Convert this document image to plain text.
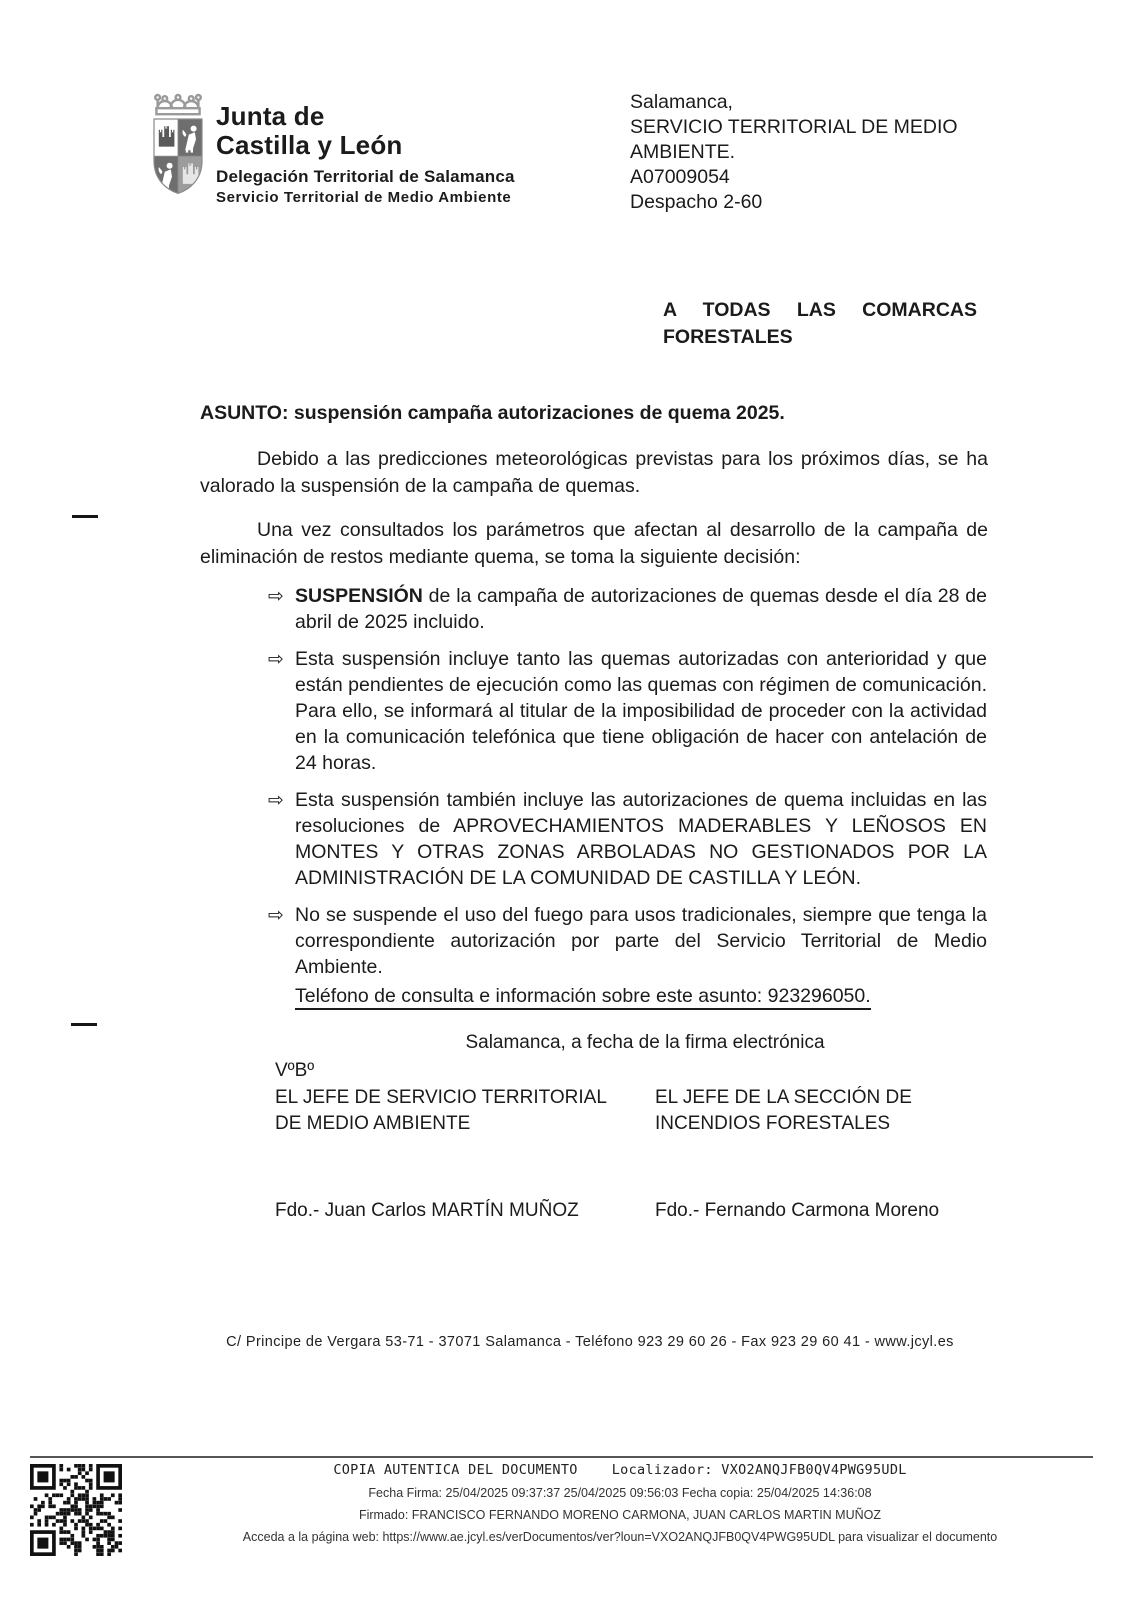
Junta de
Castilla y León
Delegación Territorial de Salamanca
Servicio Territorial de Medio Ambiente
Salamanca,
SERVICIO TERRITORIAL DE MEDIO AMBIENTE.
A07009054
Despacho 2-60
A TODAS LAS COMARCAS FORESTALES
ASUNTO: suspensión campaña autorizaciones de quema 2025.
Debido a las predicciones meteorológicas previstas para los próximos días, se ha valorado la suspensión de la campaña de quemas.
Una vez consultados los parámetros que afectan al desarrollo de la campaña de eliminación de restos mediante quema, se toma la siguiente decisión:
⇨ SUSPENSIÓN de la campaña de autorizaciones de quemas desde el día 28 de abril de 2025 incluido.
⇨ Esta suspensión incluye tanto las quemas autorizadas con anterioridad y que están pendientes de ejecución como las quemas con régimen de comunicación. Para ello, se informará al titular de la imposibilidad de proceder con la actividad en la comunicación telefónica que tiene obligación de hacer con antelación de 24 horas.
⇨ Esta suspensión también incluye las autorizaciones de quema incluidas en las resoluciones de APROVECHAMIENTOS MADERABLES Y LEÑOSOS EN MONTES Y OTRAS ZONAS ARBOLADAS NO GESTIONADOS POR LA ADMINISTRACIÓN DE LA COMUNIDAD DE CASTILLA Y LEÓN.
⇨ No se suspende el uso del fuego para usos tradicionales, siempre que tenga la correspondiente autorización por parte del Servicio Territorial de Medio Ambiente.
Teléfono de consulta e información sobre este asunto: 923296050.
Salamanca, a fecha de la firma electrónica
VºBº
EL JEFE DE SERVICIO TERRITORIAL DE MEDIO AMBIENTE
EL JEFE DE LA SECCIÓN DE INCENDIOS FORESTALES
Fdo.- Juan Carlos MARTÍN MUÑOZ	Fdo.- Fernando Carmona Moreno
C/ Principe de Vergara 53-71 - 37071 Salamanca - Teléfono 923 29 60 26 - Fax 923 29 60 41 - www.jcyl.es
COPIA AUTENTICA DEL DOCUMENTO	Localizador: VXO2ANQJFB0QV4PWG95UDL
Fecha Firma: 25/04/2025 09:37:37 25/04/2025 09:56:03 Fecha copia: 25/04/2025 14:36:08
Firmado: FRANCISCO FERNANDO MORENO CARMONA, JUAN CARLOS MARTIN MUÑOZ
Acceda a la página web: https://www.ae.jcyl.es/verDocumentos/ver?loun=VXO2ANQJFB0QV4PWG95UDL para visualizar el documento
